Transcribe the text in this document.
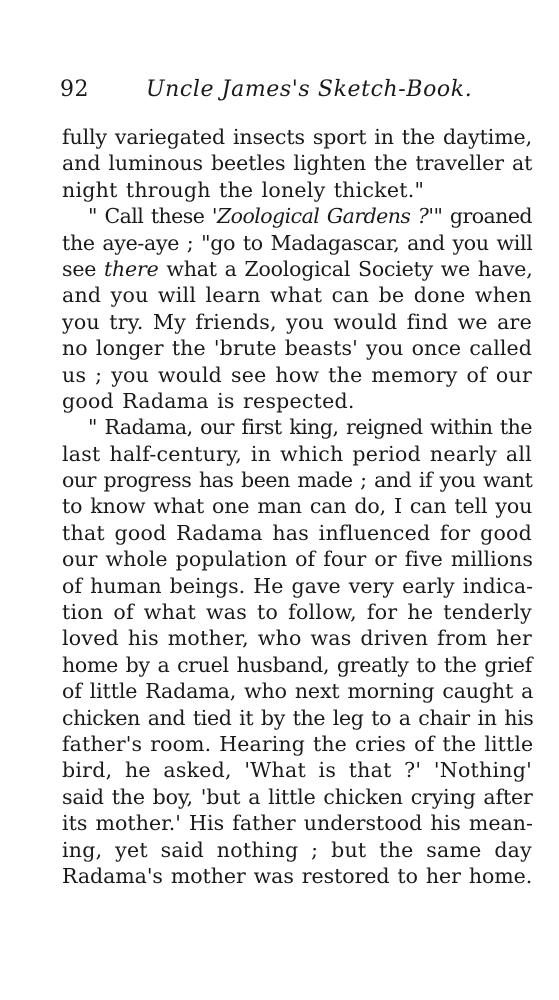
92	Uncle James's Sketch-Book.
fully variegated insects sport in the daytime,
and luminous beetles lighten the traveller at
night through the lonely thicket."
" Call these 'Zoological Gardens ?'" groaned
the aye-aye ; "go to Madagascar, and you will
see there what a Zoological Society we have,
and you will learn what can be done when
you try. My friends, you would find we are
no longer the 'brute beasts' you once called
us ; you would see how the memory of our
good Radama is respected.
" Radama, our first king, reigned within the
last half-century, in which period nearly all
our progress has been made ; and if you want
to know what one man can do, I can tell you
that good Radama has influenced for good
our whole population of four or five millions
of human beings. He gave very early indica-
tion of what was to follow, for he tenderly
loved his mother, who was driven from her
home by a cruel husband, greatly to the grief
of little Radama, who next morning caught a
chicken and tied it by the leg to a chair in his
father's room. Hearing the cries of the little
bird, he asked, 'What is that ?' 'Nothing'
said the boy, 'but a little chicken crying after
its mother.' His father understood his mean-
ing, yet said nothing ; but the same day
Radama's mother was restored to her home.
